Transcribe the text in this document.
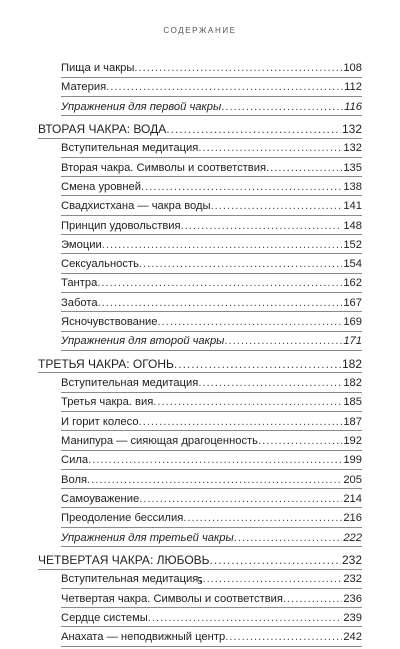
СОДЕРЖАНИЕ
Пища и чакры .....	108
Материя .....	112
Упражнения для первой чакры .....	116
ВТОРАЯ ЧАКРА: ВОДА .....	132
Вступительная медитация .....	132
Вторая чакра. Символы и соответствия .....	135
Смена уровней .....	138
Свадхистхана — чакра воды .....	141
Принцип удовольствия .....	148
Эмоции .....	152
Сексуальность .....	154
Тантра .....	162
Забота .....	167
Ясночувствование .....	169
Упражнения для второй чакры .....	171
ТРЕТЬЯ ЧАКРА: ОГОНЬ .....	182
Вступительная медитация .....	182
Третья чакра. вия .....	185
И горит колесо .....	187
Манипура — сияющая драгоценность .....	192
Сила .....	199
Воля .....	205
Самоуважение .....	214
Преодоление бессилия .....	216
Упражнения для третьей чакры .....	222
ЧЕТВЕРТАЯ ЧАКРА: ЛЮБОВЬ .....	232
Вступительная медитация .....	232
Четвертая чакра. Символы и соответствия .....	236
Сердце системы .....	239
Анахата — неподвижный центр .....	242
5
